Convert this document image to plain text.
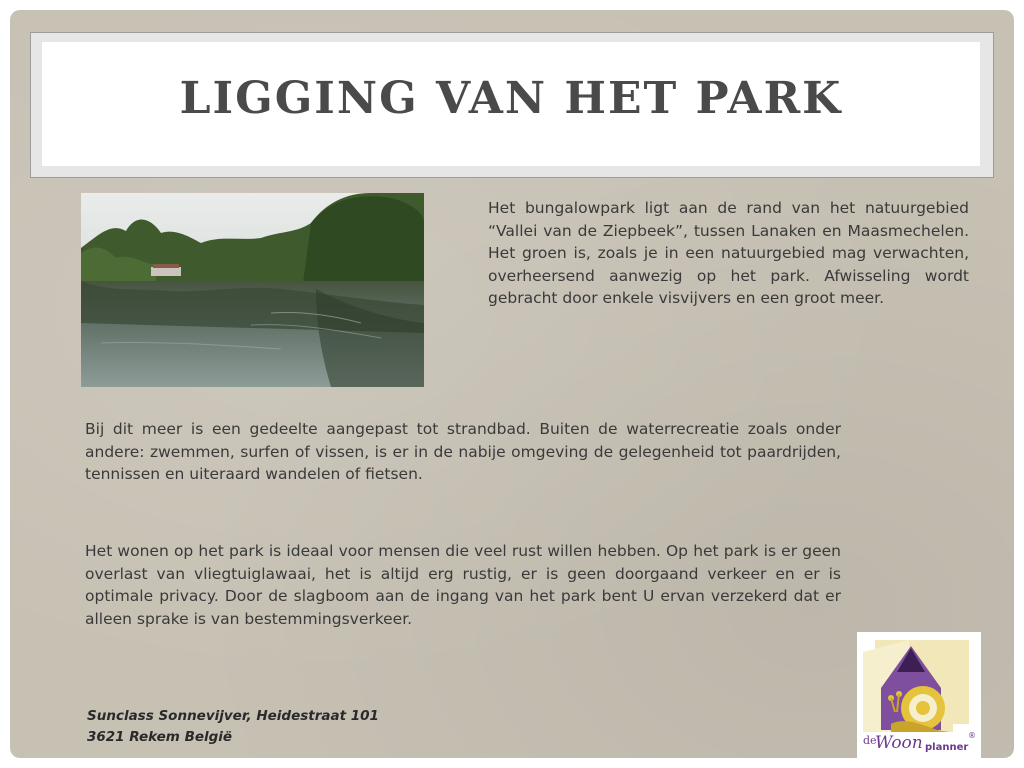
LIGGING VAN HET PARK

Het bungalowpark ligt aan de rand van het natuurgebied “Vallei van de Ziepbeek”, tussen Lanaken en Maasmechelen. Het groen is, zoals je in een natuurgebied mag verwachten, overheersend aanwezig op het park. Afwisseling wordt gebracht door enkele visvijvers en een groot meer.

Bij dit meer is een gedeelte aangepast tot strandbad. Buiten de waterrecreatie zoals onder andere: zwemmen, surfen of vissen, is er in de nabije omgeving de gelegenheid tot paardrijden, tennissen en uiteraard wandelen of fietsen.

Het wonen op het park is ideaal voor mensen die veel rust willen hebben. Op het park is er geen overlast van vliegtuiglawaai, het is altijd erg rustig, er is geen doorgaand verkeer en er is optimale privacy. Door de slagboom aan de ingang van het park bent U ervan verzekerd dat er alleen sprake is van bestemmingsverkeer.

Sunclass Sonnevijver, Heidestraat 101
3621 Rekem België	de
Woon planner
®
